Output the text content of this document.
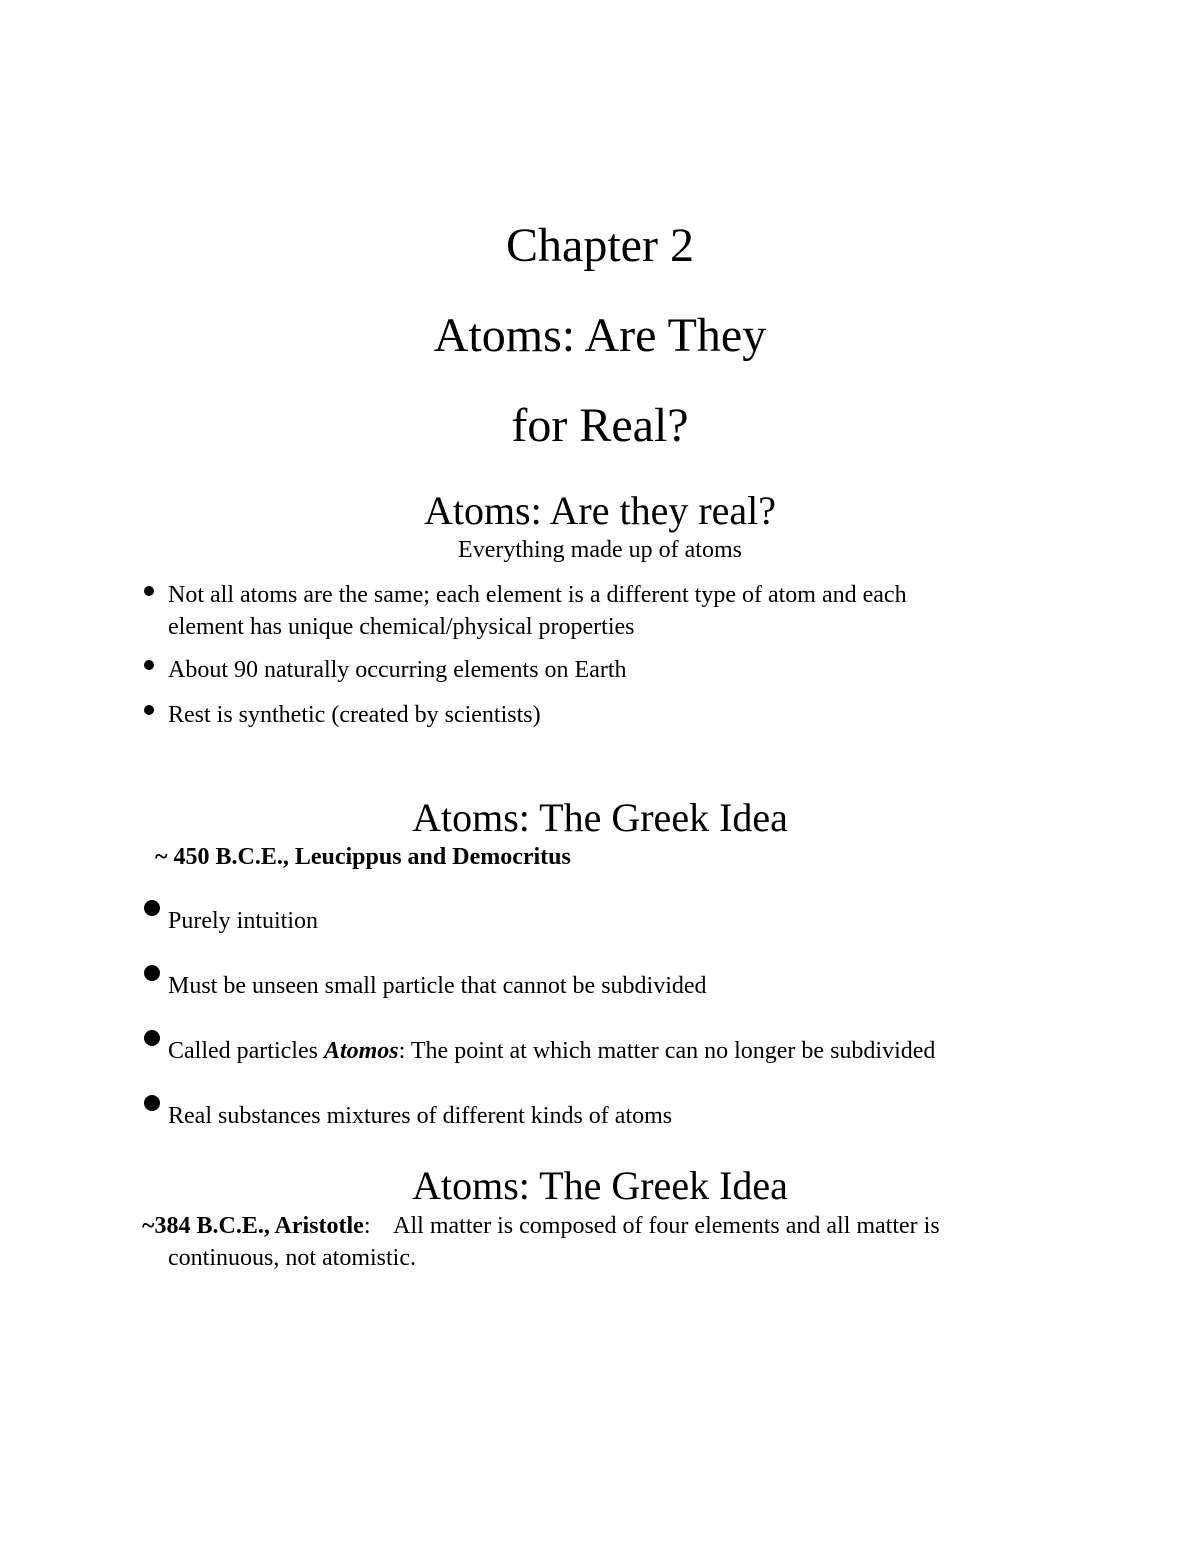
Chapter 2
Atoms: Are They
for Real?
Atoms: Are they real?
Everything made up of atoms
Not all atoms are the same; each element is a different type of atom and each
element has unique chemical/physical properties
About 90 naturally occurring elements on Earth
Rest is synthetic (created by scientists)
Atoms: The Greek Idea
~ 450 B.C.E., Leucippus and Democritus
Purely intuition
Must be unseen small particle that cannot be subdivided
Called particles Atomos: The point at which matter can no longer be subdivided
Real substances mixtures of different kinds of atoms
Atoms: The Greek Idea
~384 B.C.E., Aristotle:    All matter is composed of four elements and all matter is
continuous, not atomistic.
